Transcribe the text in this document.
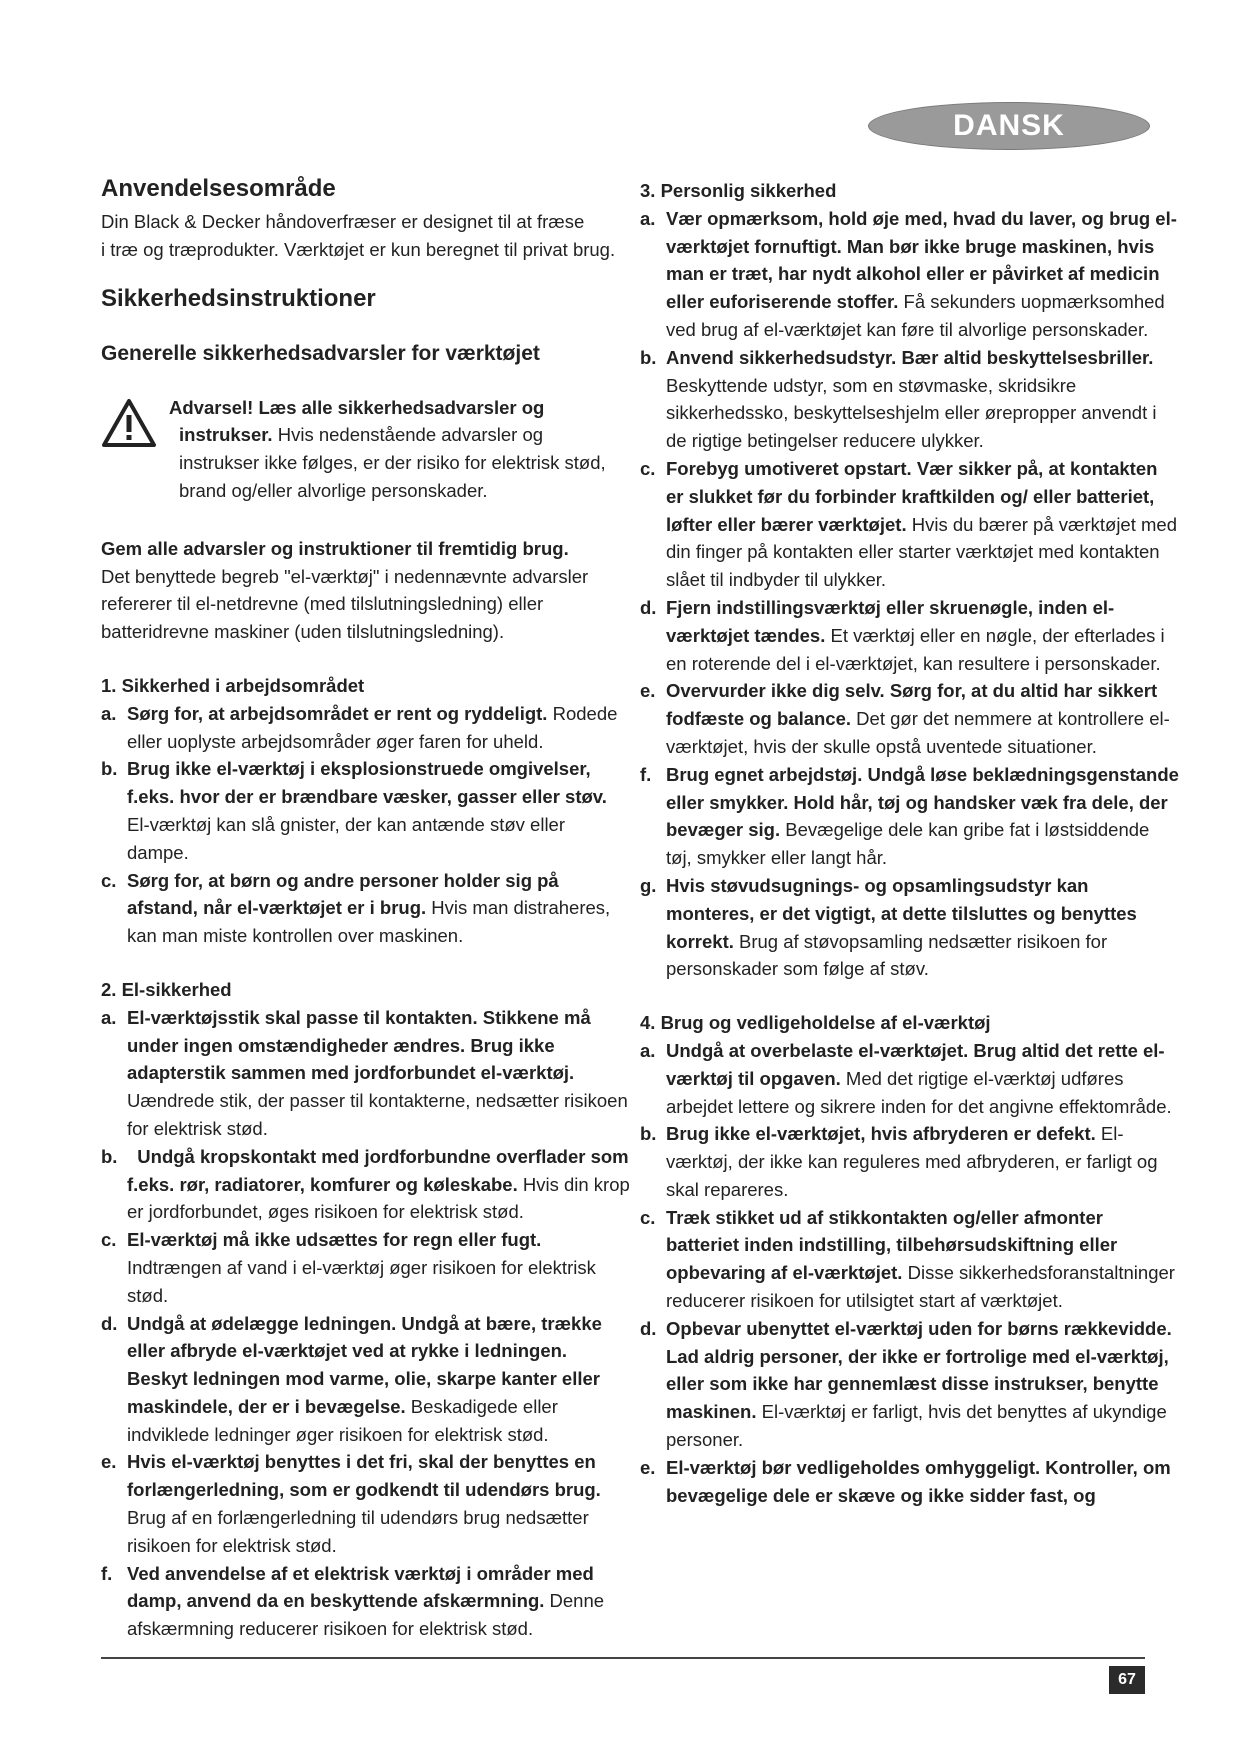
DANSK
Anvendelsesområde

Din Black & Decker håndoverfræser er designet til at fræse

i træ og træprodukter. Værktøjet er kun beregnet til privat brug.

Sikkerhedsinstruktioner
Generelle sikkerhedsadvarsler for værktøjet

Advarsel! Læs alle sikkerhedsadvarsler og

instrukser. Hvis nedenstående advarsler og

instrukser ikke følges, er der risiko for elektrisk stød,

brand og/eller alvorlige personskader.

Gem alle advarsler og instruktioner til fremtidig brug.

Det benyttede begreb "el-værktøj" i nedennævnte advarsler refererer til el-netdrevne (med tilslutningsledning) eller batteridrevne maskiner (uden tilslutningsledning).

1. Sikkerhed i arbejdsområdet
a. Sørg for, at arbejdsområdet er rent og ryddeligt. Rodede eller uoplyste arbejdsområder øger faren for uheld.
b. Brug ikke el-værktøj i eksplosionstruede omgivelser, f.eks. hvor der er brændbare væsker, gasser eller støv. El-værktøj kan slå gnister, der kan antænde støv eller dampe.
c. Sørg for, at børn og andre personer holder sig på afstand, når el-værktøjet er i brug. Hvis man distraheres, kan man miste kontrollen over maskinen.
2. El-sikkerhed
a. El-værktøjsstik skal passe til kontakten. Stikkene må under ingen omstændigheder ændres. Brug ikke adapterstik sammen med jordforbundet el-værktøj. Uændrede stik, der passer til kontakterne, nedsætter risikoen for elektrisk stød.
b. Undgå kropskontakt med jordforbundne overflader som f.eks. rør, radiatorer, komfurer og køleskabe. Hvis din krop er jordforbundet, øges risikoen for elektrisk stød.
c. El-værktøj må ikke udsættes for regn eller fugt. Indtrængen af vand i el-værktøj øger risikoen for elektrisk stød.
d. Undgå at ødelægge ledningen. Undgå at bære, trække eller afbryde el-værktøjet ved at rykke i ledningen. Beskyt ledningen mod varme, olie, skarpe kanter eller maskindele, der er i bevægelse. Beskadigede eller indviklede ledninger øger risikoen for elektrisk stød.
e. Hvis el-værktøj benyttes i det fri, skal der benyttes en forlængerledning, som er godkendt til udendørs brug. Brug af en forlængerledning til udendørs brug nedsætter risikoen for elektrisk stød.
f. Ved anvendelse af et elektrisk værktøj i områder med damp, anvend da en beskyttende afskærmning. Denne afskærmning reducerer risikoen for elektrisk stød.
3. Personlig sikkerhed
a. Vær opmærksom, hold øje med, hvad du laver, og brug el-værktøjet fornuftigt. Man bør ikke bruge maskinen, hvis man er træt, har nydt alkohol eller er påvirket af medicin eller euforiserende stoffer. Få sekunders uopmærksomhed ved brug af el-værktøjet kan føre til alvorlige personskader.
b. Anvend sikkerhedsudstyr. Bær altid beskyttelsesbriller. Beskyttende udstyr, som en støvmaske, skridsikre sikkerhedssko, beskyttelseshjelm eller ørepropper anvendt i de rigtige betingelser reducere ulykker.
c. Forebyg umotiveret opstart. Vær sikker på, at kontakten er slukket før du forbinder kraftkilden og/ eller batteriet, løfter eller bærer værktøjet. Hvis du bærer på værktøjet med din finger på kontakten eller starter værktøjet med kontakten slået til indbyder til ulykker.
d. Fjern indstillingsværktøj eller skruenøgle, inden el-værktøjet tændes. Et værktøj eller en nøgle, der efterlades i en roterende del i el-værktøjet, kan resultere i personskader.
e. Overvurder ikke dig selv. Sørg for, at du altid har sikkert fodfæste og balance. Det gør det nemmere at kontrollere el-værktøjet, hvis der skulle opstå uventede situationer.
f. Brug egnet arbejdstøj. Undgå løse beklædningsgenstande eller smykker. Hold hår, tøj og handsker væk fra dele, der bevæger sig. Bevægelige dele kan gribe fat i løstsiddende tøj, smykker eller langt hår.
g. Hvis støvudsugnings- og opsamlingsudstyr kan monteres, er det vigtigt, at dette tilsluttes og benyttes korrekt. Brug af støvopsamling nedsætter risikoen for personskader som følge af støv.
4. Brug og vedligeholdelse af el-værktøj
a. Undgå at overbelaste el-værktøjet. Brug altid det rette el-værktøj til opgaven. Med det rigtige el-værktøj udføres arbejdet lettere og sikrere inden for det angivne effektområde.
b. Brug ikke el-værktøjet, hvis afbryderen er defekt. El-værktøj, der ikke kan reguleres med afbryderen, er farligt og skal repareres.
c. Træk stikket ud af stikkontakten og/eller afmonter batteriet inden indstilling, tilbehørsudskiftning eller opbevaring af el-værktøjet. Disse sikkerhedsforanstaltninger reducerer risikoen for utilsigtet start af værktøjet.
d. Opbevar ubenyttet el-værktøj uden for børns rækkevidde. Lad aldrig personer, der ikke er fortrolige med el-værktøj, eller som ikke har gennemlæst disse instrukser, benytte maskinen. El-værktøj er farligt, hvis det benyttes af ukyndige personer.
e. El-værktøj bør vedligeholdes omhyggeligt. Kontroller, om bevægelige dele er skæve og ikke sidder fast, og
67
